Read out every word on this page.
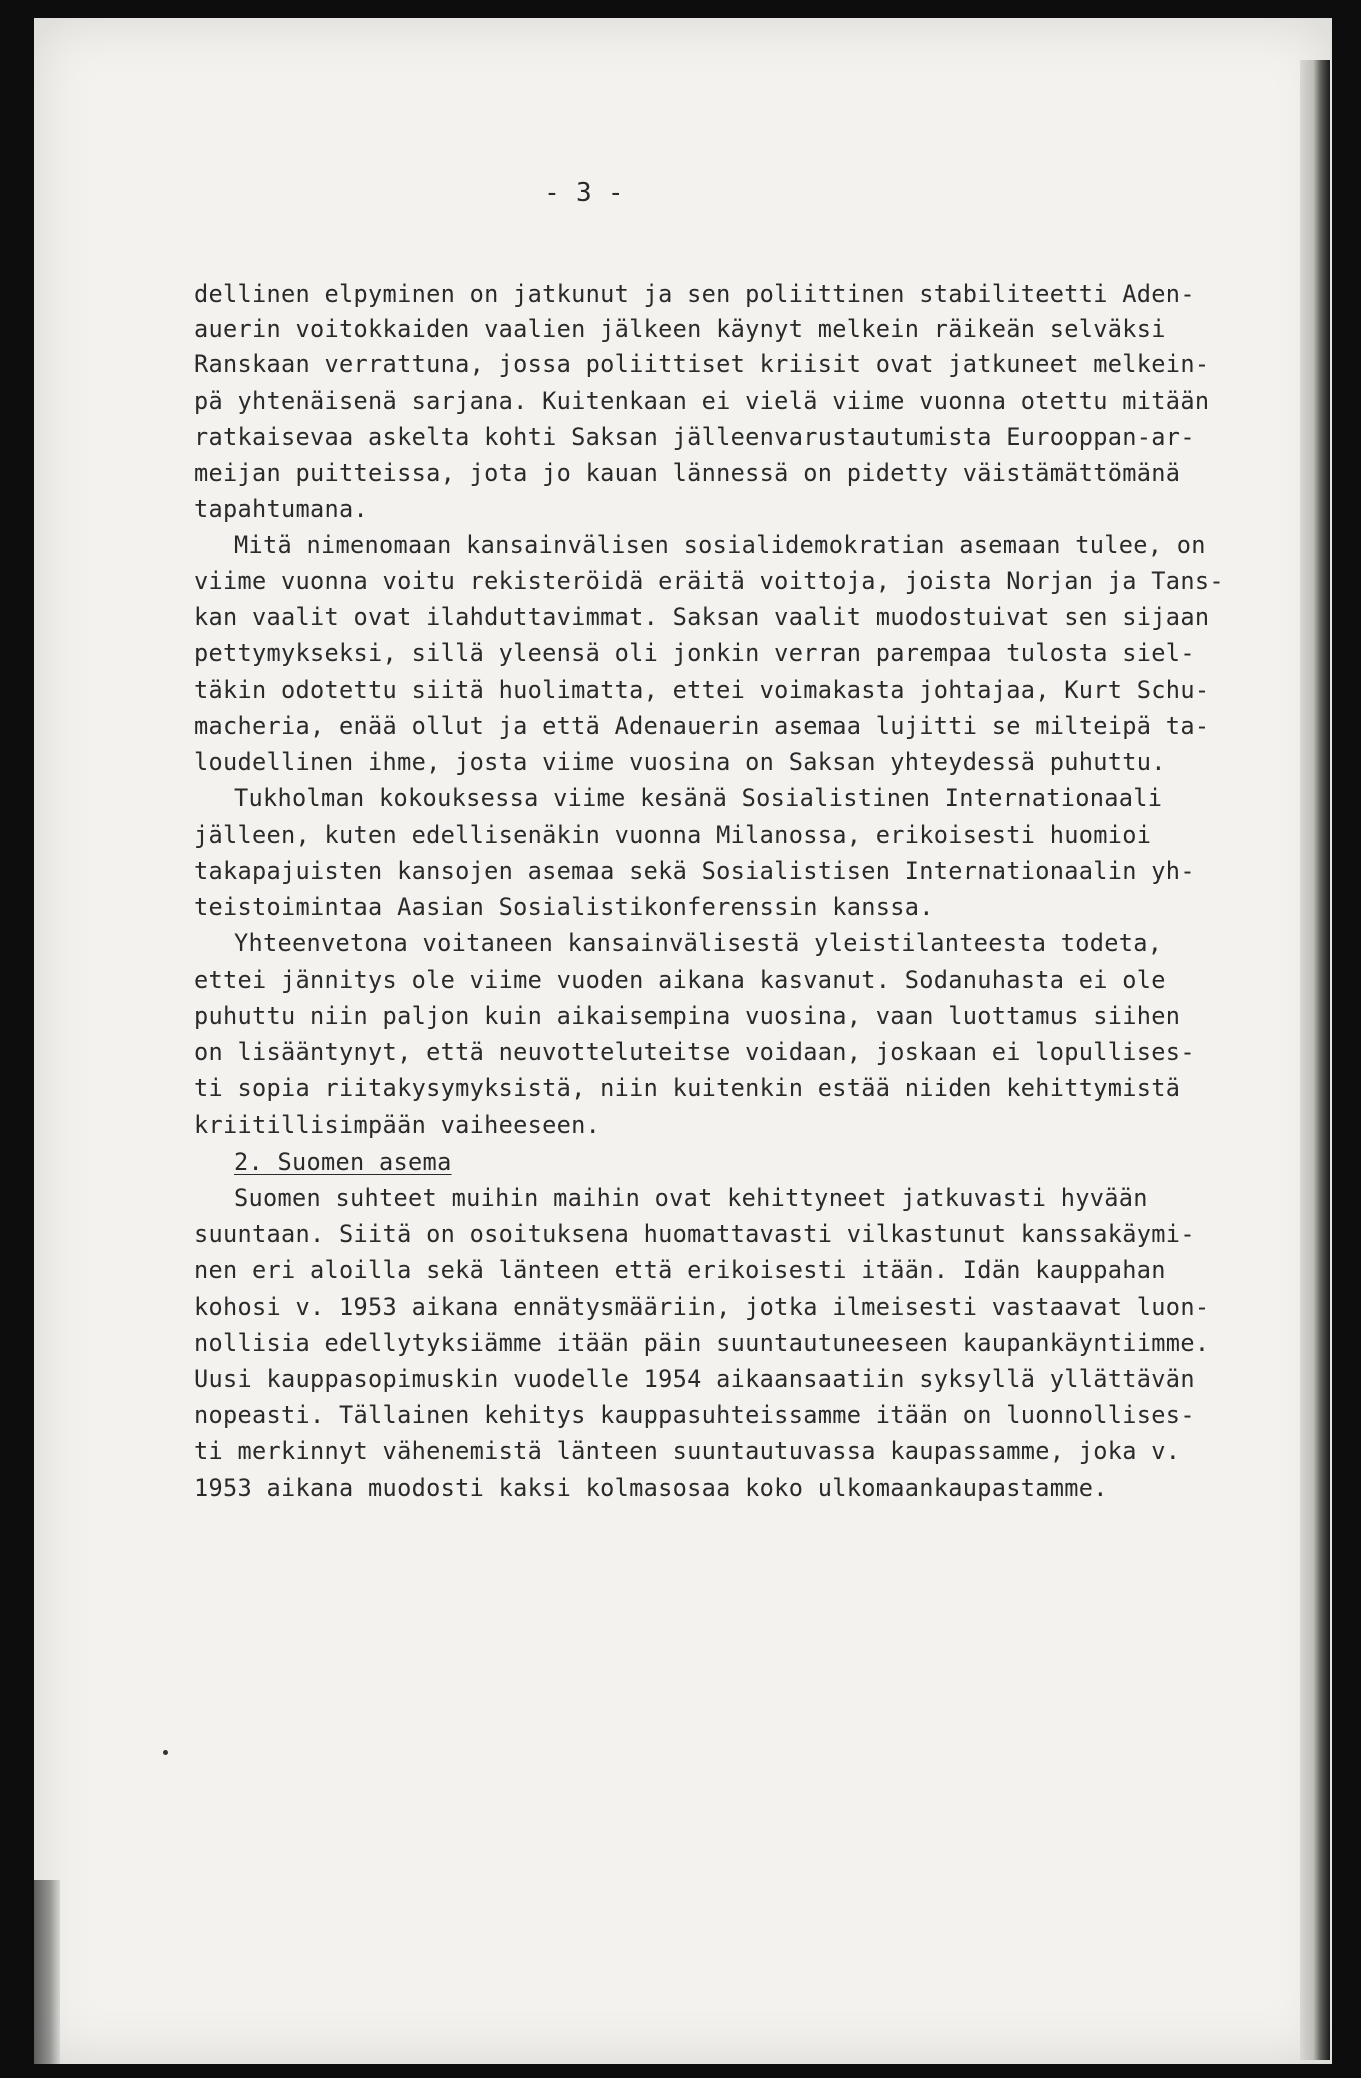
- 3 -
dellinen elpyminen on jatkunut ja sen poliittinen stabiliteetti Aden-
auerin voitokkaiden vaalien jälkeen käynyt melkein räikeän selväksi
Ranskaan verrattuna, jossa poliittiset kriisit ovat jatkuneet melkein-
pä yhtenäisenä sarjana. Kuitenkaan ei vielä viime vuonna otettu mitään
ratkaisevaa askelta kohti Saksan jälleenvarustautumista Eurooppan-ar-
meijan puitteissa, jota jo kauan lännessä on pidetty väistämättömänä
tapahtumana.
Mitä nimenomaan kansainvälisen sosialidemokratian asemaan tulee, on
viime vuonna voitu rekisteröidä eräitä voittoja, joista Norjan ja Tans-
kan vaalit ovat ilahduttavimmat. Saksan vaalit muodostuivat sen sijaan
pettymykseksi, sillä yleensä oli jonkin verran parempaa tulosta siel-
täkin odotettu siitä huolimatta, ettei voimakasta johtajaa, Kurt Schu-
macheria, enää ollut ja että Adenauerin asemaa lujitti se milteipä ta-
loudellinen ihme, josta viime vuosina on Saksan yhteydessä puhuttu.
Tukholman kokouksessa viime kesänä Sosialistinen Internationaali
jälleen, kuten edellisenäkin vuonna Milanossa, erikoisesti huomioi
takapajuisten kansojen asemaa sekä Sosialistisen Internationaalin yh-
teistoimintaa Aasian Sosialistikonferenssin kanssa.
Yhteenvetona voitaneen kansainvälisestä yleistilanteesta todeta,
ettei jännitys ole viime vuoden aikana kasvanut. Sodanuhasta ei ole
puhuttu niin paljon kuin aikaisempina vuosina, vaan luottamus siihen
on lisääntynyt, että neuvotteluteitse voidaan, joskaan ei lopullises-
ti sopia riitakysymyksistä, niin kuitenkin estää niiden kehittymistä
kriitillisimpään vaiheeseen.
2. Suomen asema
Suomen suhteet muihin maihin ovat kehittyneet jatkuvasti hyvään
suuntaan. Siitä on osoituksena huomattavasti vilkastunut kanssakäymi-
nen eri aloilla sekä länteen että erikoisesti itään. Idän kauppahan
kohosi v. 1953 aikana ennätysmääriin, jotka ilmeisesti vastaavat luon-
nollisia edellytyksiämme itään päin suuntautuneeseen kaupankäyntiimme.
Uusi kauppasopimuskin vuodelle 1954 aikaansaatiin syksyllä yllättävän
nopeasti. Tällainen kehitys kauppasuhteissamme itään on luonnollises-
ti merkinnyt vähenemistä länteen suuntautuvassa kaupassamme, joka v.
1953 aikana muodosti kaksi kolmasosaa koko ulkomaankaupastamme.
